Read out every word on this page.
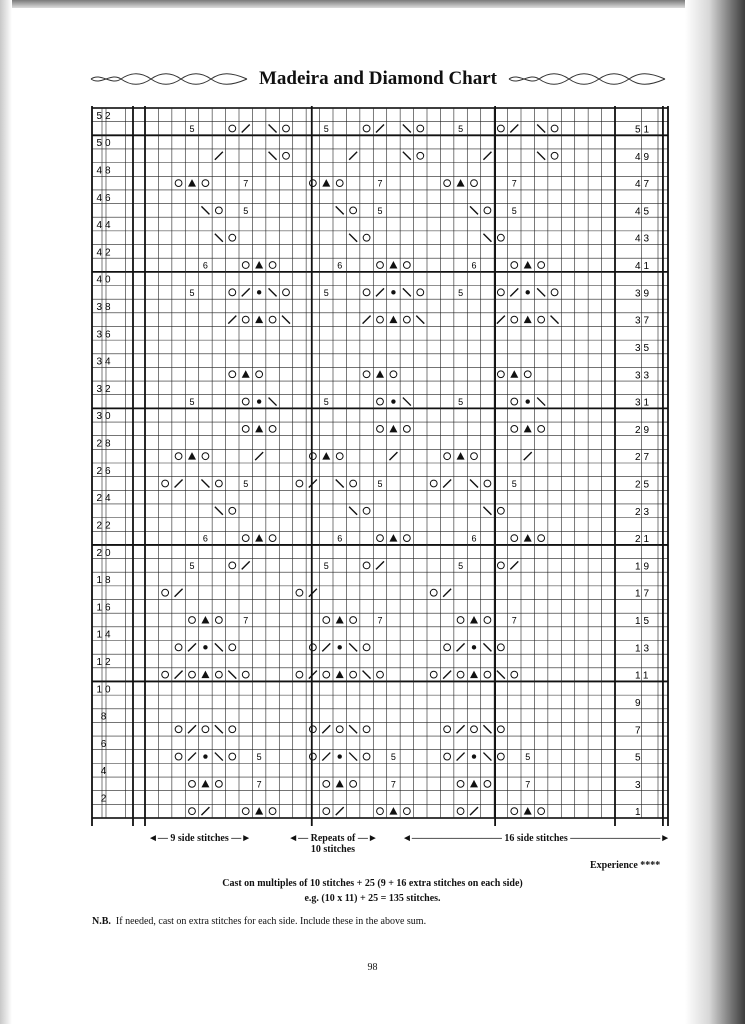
Madeira and Diamond Chart
52
50
48
46
44
42
40
38
36
34
32
30
28
26
24
22
20
18
16
14
12
10
8
6
4
2
51
49
47
45
43
41
39
37
35
33
31
29
27
25
23
21
19
17
15
13
11
9
7
5
3
1
5
7
5
6
5
5
5
6
5
7
5
7
5
7
5
6
5
5
5
6
5
7
5
7
5
7
5
6
5
5
5
6
5
7
5
7
◄— 9 side stitches —►	◄— Repeats of —►
10 stitches
◄————————— 16 side stitches —————————►
Experience ****
Cast on multiples of 10 stitches + 25 (9 + 16 extra stitches on each side)
e.g. (10 x 11) + 25 = 135 stitches.
N.B. If needed, cast on extra stitches for each side. Include these in the above sum.
98
